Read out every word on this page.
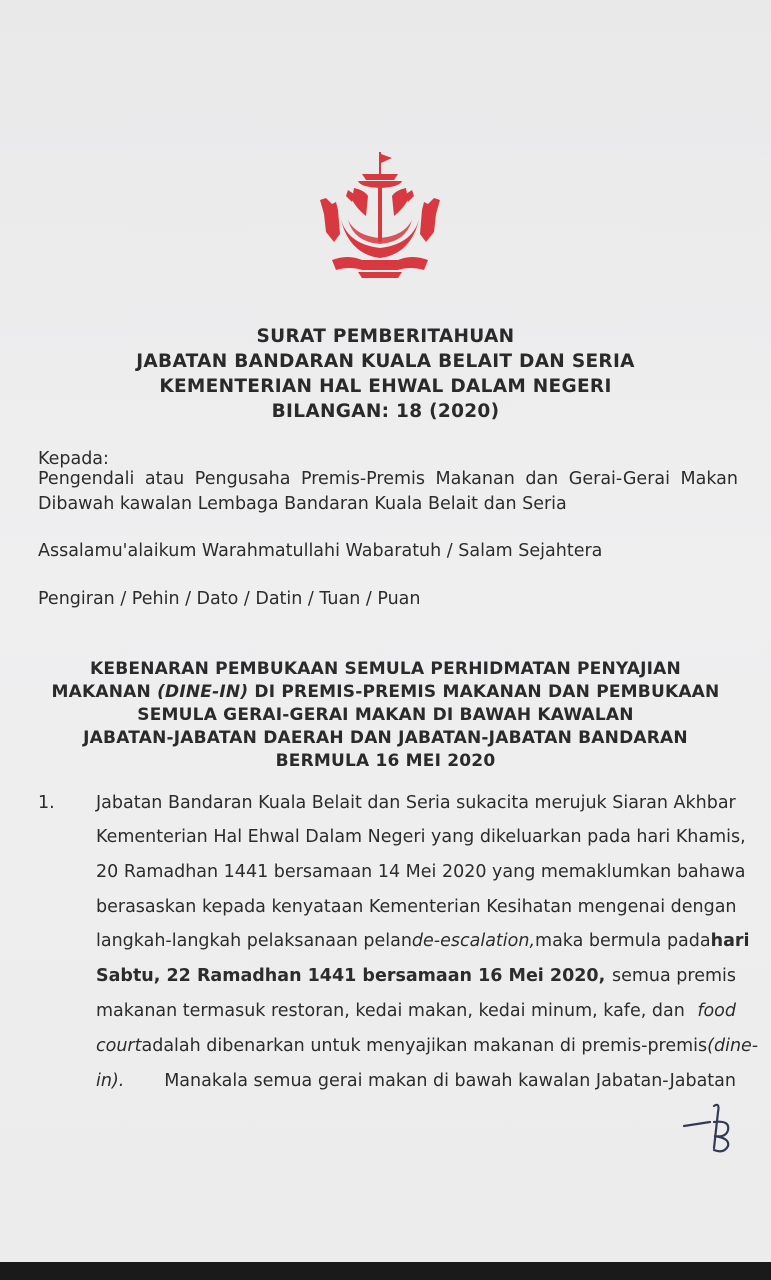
SURAT PEMBERITAHUAN
JABATAN BANDARAN KUALA BELAIT DAN SERIA
KEMENTERIAN HAL EHWAL DALAM NEGERI
BILANGAN: 18 (2020)
Kepada:
Pengendali atau Pengusaha Premis-Premis Makanan dan Gerai-Gerai Makan
Dibawah kawalan Lembaga Bandaran Kuala Belait dan Seria
Assalamu'alaikum Warahmatullahi Wabaratuh / Salam Sejahtera
Pengiran / Pehin / Dato / Datin / Tuan / Puan
KEBENARAN PEMBUKAAN SEMULA PERHIDMATAN PENYAJIAN
MAKANAN (DINE-IN) DI PREMIS-PREMIS MAKANAN DAN PEMBUKAAN
SEMULA GERAI-GERAI MAKAN DI BAWAH KAWALAN
JABATAN-JABATAN DAERAH DAN JABATAN-JABATAN BANDARAN
BERMULA 16 MEI 2020
1. Jabatan Bandaran Kuala Belait dan Seria sukacita merujuk Siaran Akhbar
Kementerian Hal Ehwal Dalam Negeri yang dikeluarkan pada hari Khamis,
20 Ramadhan 1441 bersamaan 14 Mei 2020 yang memaklumkan bahawa
berasaskan kepada kenyataan Kementerian Kesihatan mengenai dengan
langkah-langkah pelaksanaan pelan de-escalation, maka bermula pada hari
Sabtu, 22 Ramadhan 1441 bersamaan 16 Mei 2020, semua premis
makanan termasuk restoran, kedai makan, kedai minum, kafe, dan food
court adalah dibenarkan untuk menyajikan makanan di premis-premis (dine-
in). Manakala semua gerai makan di bawah kawalan Jabatan-Jabatan
